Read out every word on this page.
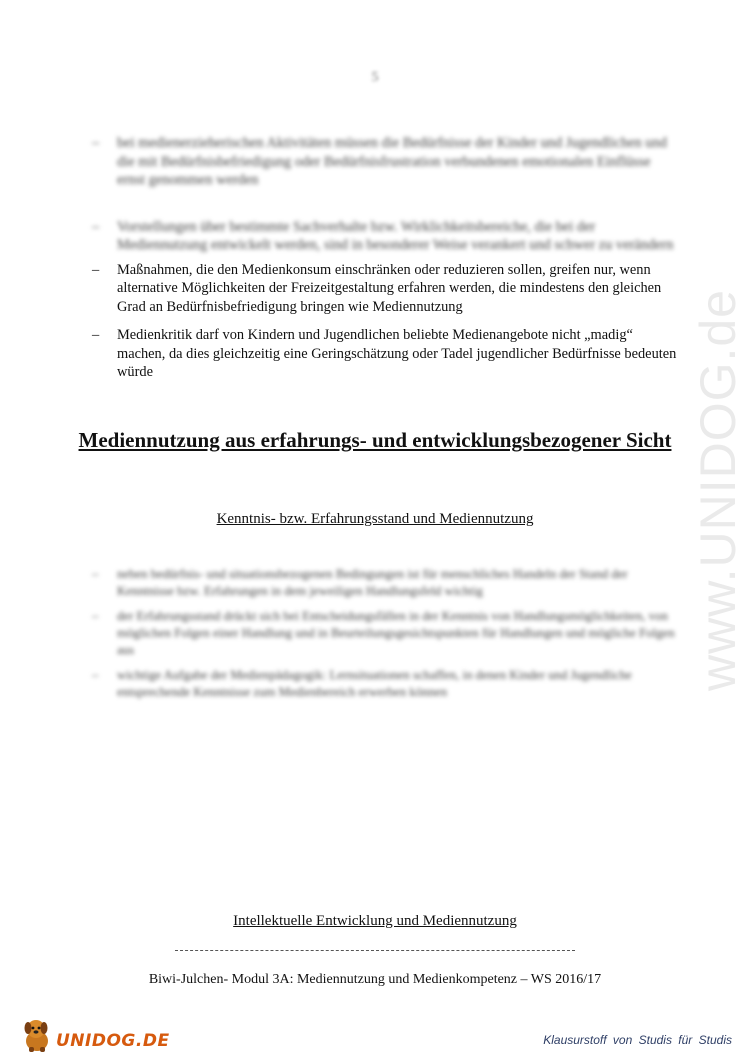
5
– bei medienerzieherischen Aktivitäten müssen die Bedürfnisse der Kinder und Jugendlichen und die mit Bedürfnisbefriedigung oder Bedürfnisfrustration verbundenen emotionalen Einflüsse ernst genommen werden
– Vorstellungen über bestimmte Sachverhalte bzw. Wirklichkeitsbereiche, die bei der Mediennutzung entwickelt werden, sind in besonderer Weise verankert und schwer zu verändern
– Maßnahmen, die den Medienkonsum einschränken oder reduzieren sollen, greifen nur, wenn alternative Möglichkeiten der Freizeitgestaltung erfahren werden, die mindestens den gleichen Grad an Bedürfnisbefriedigung bringen wie Mediennutzung
– Medienkritik darf von Kindern und Jugendlichen beliebte Medienangebote nicht „madig“ machen, da dies gleichzeitig eine Geringschätzung oder Tadel jugendlicher Bedürfnisse bedeuten würde
Mediennutzung aus erfahrungs- und entwicklungsbezogener Sicht
Kenntnis- bzw. Erfahrungsstand und Mediennutzung
– neben bedürfnis- und situationsbezogenen Bedingungen ist für menschliches Handeln der Stand der Kenntnisse bzw. Erfahrungen in dem jeweiligen Handlungsfeld wichtig
– der Erfahrungsstand drückt sich bei Entscheidungsfällen in der Kenntnis von Handlungsmöglichkeiten, von möglichen Folgen einer Handlung und in Beurteilungsgesichtspunkten für Handlungen und mögliche Folgen aus
– wichtige Aufgabe der Medienpädagogik: Lernsituationen schaffen, in denen Kinder und Jugendliche entsprechende Kenntnisse zum Medienbereich erwerben können
Intellektuelle Entwicklung und Mediennutzung
Biwi-Julchen- Modul 3A: Mediennutzung und Medienkompetenz – WS 2016/17
www.UNIDOG.de
UNIDOG.DE	Klausurstoff von Studis für Studis
